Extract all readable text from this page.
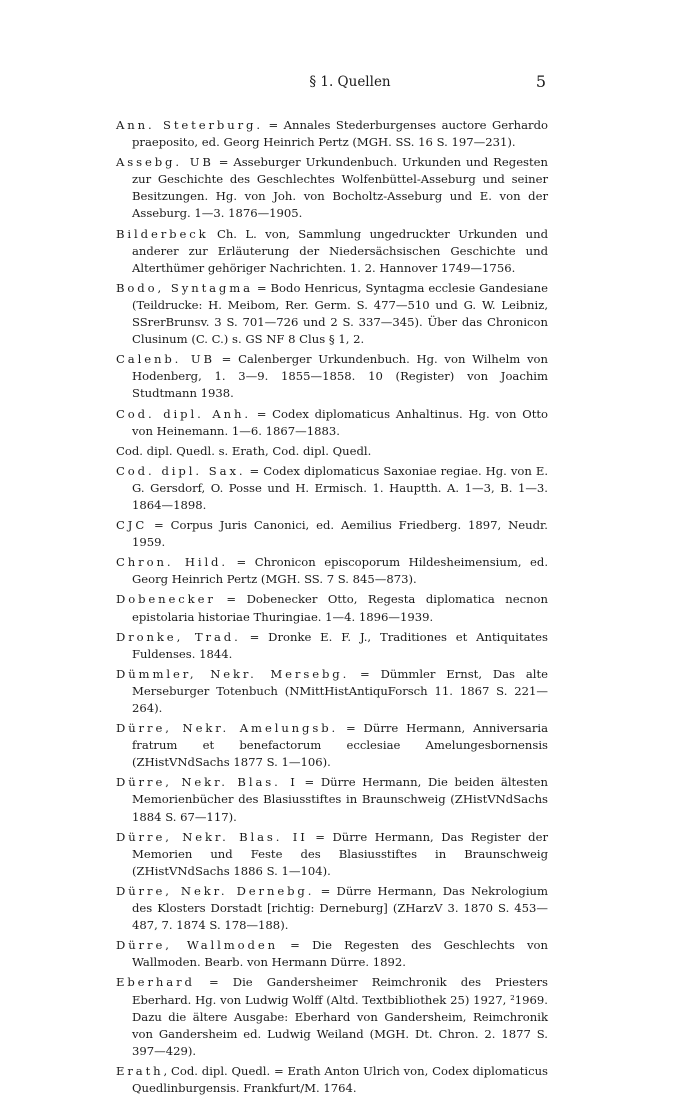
§ 1. Quellen	5
Ann. Steterburg. = Annales Stederburgenses auctore Gerhardo praeposito, ed. Georg Heinrich Pertz (MGH. SS. 16 S. 197—231).
Assebg. UB = Asseburger Urkundenbuch. Urkunden und Regesten zur Geschichte des Geschlechtes Wolfenbüttel-Asseburg und seiner Besitzungen. Hg. von Joh. von Bocholtz-Asseburg und E. von der Asseburg. 1—3. 1876—1905.
Bilderbeck Ch. L. von, Sammlung ungedruckter Urkunden und anderer zur Erläuterung der Niedersächsischen Geschichte und Alterthümer gehöriger Nachrichten. 1. 2. Hannover 1749—1756.
Bodo, Syntagma = Bodo Henricus, Syntagma ecclesie Gandesiane (Teildrucke: H. Meibom, Rer. Germ. S. 477—510 und G. W. Leibniz, SSrerBrunsv. 3 S. 701—726 und 2 S. 337—345). Über das Chronicon Clusinum (C. C.) s. GS NF 8 Clus § 1, 2.
Calenb. UB = Calenberger Urkundenbuch. Hg. von Wilhelm von Hodenberg, 1. 3—9. 1855—1858. 10 (Register) von Joachim Studtmann 1938.
Cod. dipl. Anh. = Codex diplomaticus Anhaltinus. Hg. von Otto von Heinemann. 1—6. 1867—1883.
Cod. dipl. Quedl. s. Erath, Cod. dipl. Quedl.
Cod. dipl. Sax. = Codex diplomaticus Saxoniae regiae. Hg. von E. G. Gersdorf, O. Posse und H. Ermisch. 1. Hauptth. A. 1—3, B. 1—3. 1864—1898.
CJC = Corpus Juris Canonici, ed. Aemilius Friedberg. 1897, Neudr. 1959.
Chron. Hild. = Chronicon episcoporum Hildesheimensium, ed. Georg Heinrich Pertz (MGH. SS. 7 S. 845—873).
Dobenecker = Dobenecker Otto, Regesta diplomatica necnon epistolaria historiae Thuringiae. 1—4. 1896—1939.
Dronke, Trad. = Dronke E. F. J., Traditiones et Antiquitates Fuldenses. 1844.
Dümmler, Nekr. Mersebg. = Dümmler Ernst, Das alte Merseburger Totenbuch (NMittHistAntiquForsch 11. 1867 S. 221—264).
Dürre, Nekr. Amelungsb. = Dürre Hermann, Anniversaria fratrum et benefactorum ecclesiae Amelungesbornensis (ZHistVNdSachs 1877 S. 1—106).
Dürre, Nekr. Blas. I = Dürre Hermann, Die beiden ältesten Memorienbücher des Blasiusstiftes in Braunschweig (ZHistVNdSachs 1884 S. 67—117).
Dürre, Nekr. Blas. II = Dürre Hermann, Das Register der Memorien und Feste des Blasiusstiftes in Braunschweig (ZHistVNdSachs 1886 S. 1—104).
Dürre, Nekr. Dernebg. = Dürre Hermann, Das Nekrologium des Klosters Dorstadt [richtig: Derneburg] (ZHarzV 3. 1870 S. 453—487, 7. 1874 S. 178—188).
Dürre, Wallmoden = Die Regesten des Geschlechts von Wallmoden. Bearb. von Hermann Dürre. 1892.
Eberhard = Die Gandersheimer Reimchronik des Priesters Eberhard. Hg. von Ludwig Wolff (Altd. Textbibliothek 25) 1927, ²1969. Dazu die ältere Ausgabe: Eberhard von Gandersheim, Reimchronik von Gandersheim ed. Ludwig Weiland (MGH. Dt. Chron. 2. 1877 S. 397—429).
Erath, Cod. dipl. Quedl. = Erath Anton Ulrich von, Codex diplomaticus Quedlinburgensis. Frankfurt/M. 1764.
